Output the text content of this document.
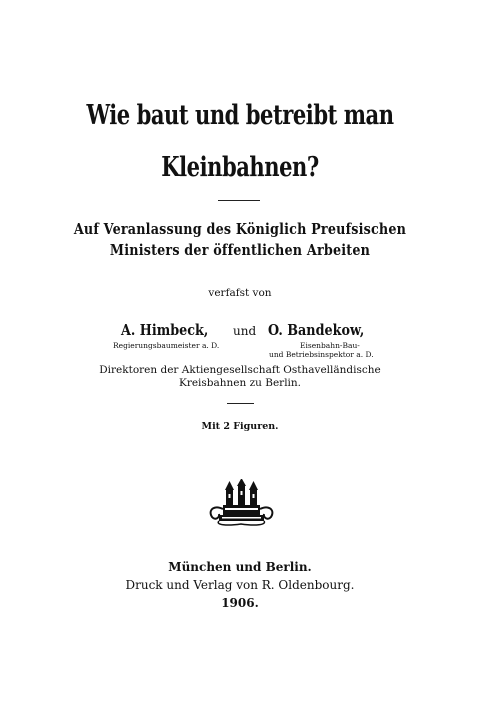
Wie baut und betreibt man
Kleinbahnen?
Auf Veranlassung des Königlich Preufsischen
Ministers der öffentlichen Arbeiten
verfafst von
A. Himbeck, und O. Bandekow,
Regierungsbaumeister a. D.	Eisenbahn-Bau-
und Betriebsinspektor a. D.
Direktoren der Aktiengesellschaft Osthavelländische
Kreisbahnen zu Berlin.
Mit 2 Figuren.
München und Berlin.
Druck und Verlag von R. Oldenbourg.
1906.
